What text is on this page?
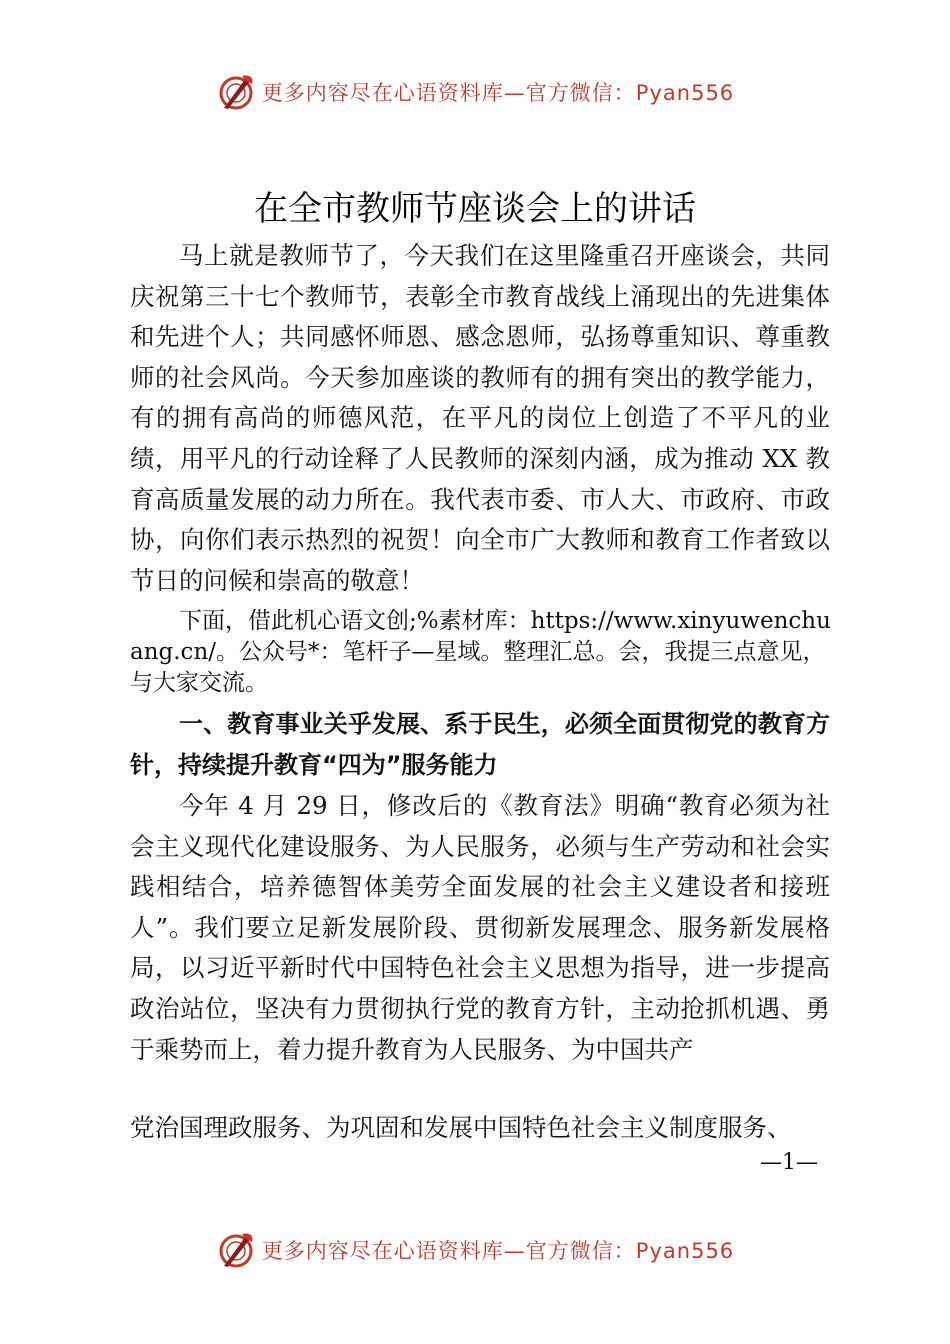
更多内容尽在心语资料库—官方微信：Pyan556
在全市教师节座谈会上的讲话

马上就是教师节了，今天我们在这里隆重召开座谈会，共同庆祝第三十七个教师节，表彰全市教育战线上涌现出的先进集体和先进个人；共同感怀师恩、感念恩师，弘扬尊重知识、尊重教师的社会风尚。今天参加座谈的教师有的拥有突出的教学能力，有的拥有高尚的师德风范，在平凡的岗位上创造了不平凡的业绩，用平凡的行动诠释了人民教师的深刻内涵，成为推动 XX 教育高质量发展的动力所在。我代表市委、市人大、市政府、市政协，向你们表示热烈的祝贺！向全市广大教师和教育工作者致以节日的问候和崇高的敬意！

下面，借此机心语文创;%素材库：https://www.xinyuwenchuang.cn/。公众号*：笔杆子—星域。整理汇总。会，我提三点意见，与大家交流。

一、教育事业关乎发展、系于民生，必须全面贯彻党的教育方针，持续提升教育“四为”服务能力

今年 4 月 29 日，修改后的《教育法》明确“教育必须为社会主义现代化建设服务、为人民服务，必须与生产劳动和社会实践相结合，培养德智体美劳全面发展的社会主义建设者和接班人”。我们要立足新发展阶段、贯彻新发展理念、服务新发展格局，以习近平新时代中国特色社会主义思想为指导，进一步提高政治站位，坚决有力贯彻执行党的教育方针，主动抢抓机遇、勇于乘势而上，着力提升教育为人民服务、为中国共产

党治国理政服务、为巩固和发展中国特色社会主义制度服务、

—1—
更多内容尽在心语资料库—官方微信：Pyan556
